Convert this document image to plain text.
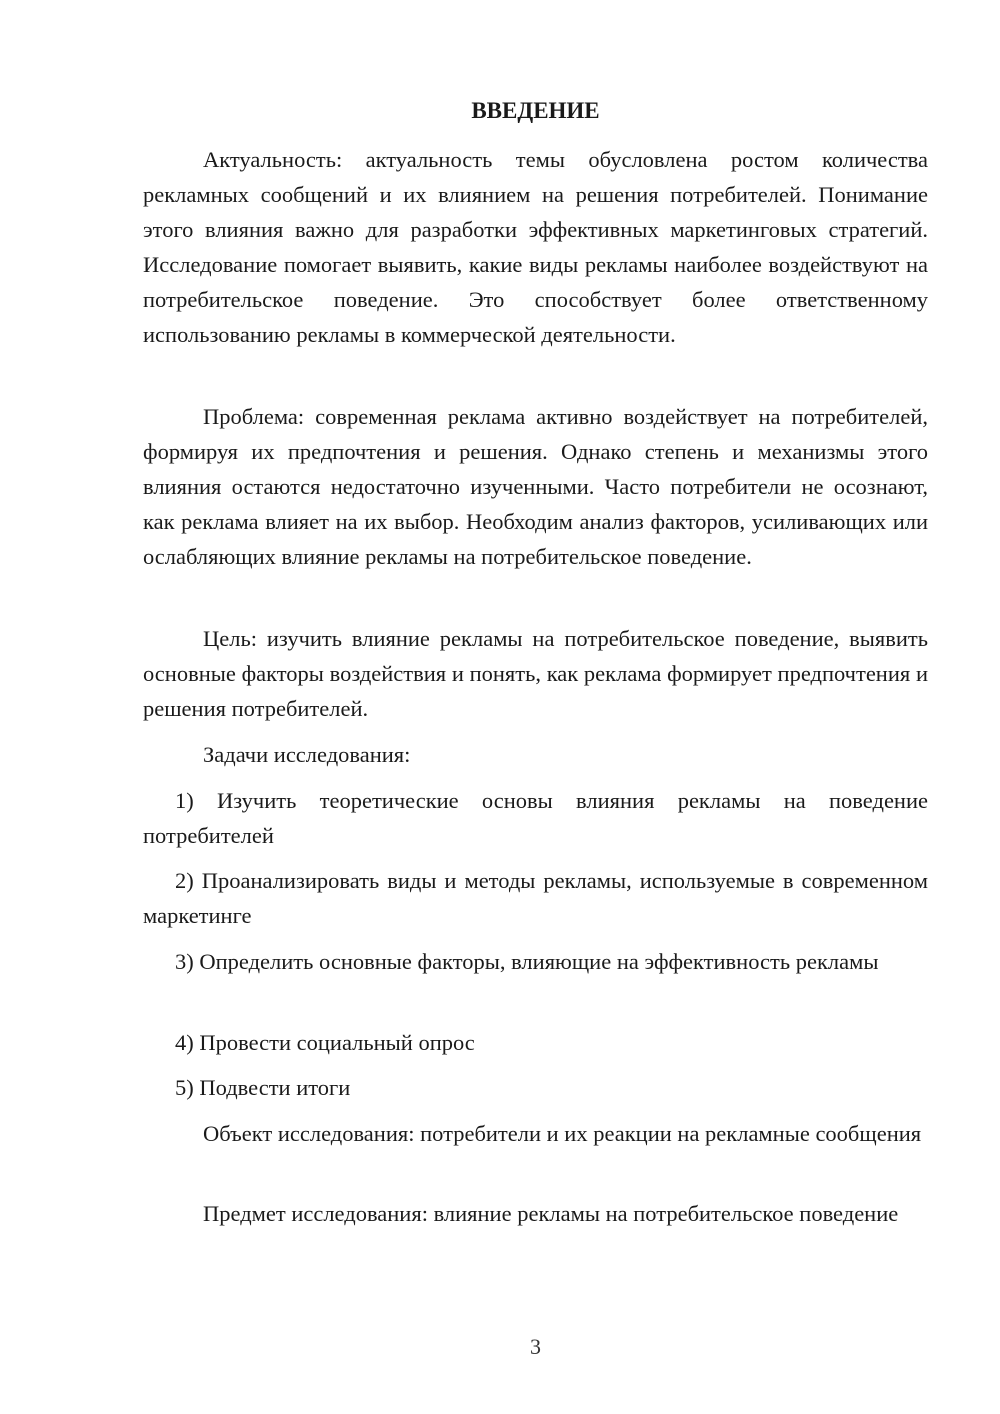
ВВЕДЕНИЕ

Актуальность: актуальность темы обусловлена ростом количества рекламных сообщений и их влиянием на решения потребителей. Понимание этого влияния важно для разработки эффективных маркетинговых стратегий. Исследование помогает выявить, какие виды рекламы наиболее воздействуют на потребительское поведение. Это способствует более ответственному использованию рекламы в коммерческой деятельности.

Проблема: современная реклама активно воздействует на потребителей, формируя их предпочтения и решения. Однако степень и механизмы этого влияния остаются недостаточно изученными. Часто потребители не осознают, как реклама влияет на их выбор. Необходим анализ факторов, усиливающих или ослабляющих влияние рекламы на потребительское поведение.

Цель: изучить влияние рекламы на потребительское поведение, выявить основные факторы воздействия и понять, как реклама формирует предпочтения и решения потребителей.

Задачи исследования:

1) Изучить теоретические основы влияния рекламы на поведение потребителей

2) Проанализировать виды и методы рекламы, используемые в современном маркетинге

3) Определить основные факторы, влияющие на эффективность рекламы

4) Провести социальный опрос

5) Подвести итоги

Объект исследования: потребители и их реакции на рекламные сообщения

Предмет исследования: влияние рекламы на потребительское поведение

3
